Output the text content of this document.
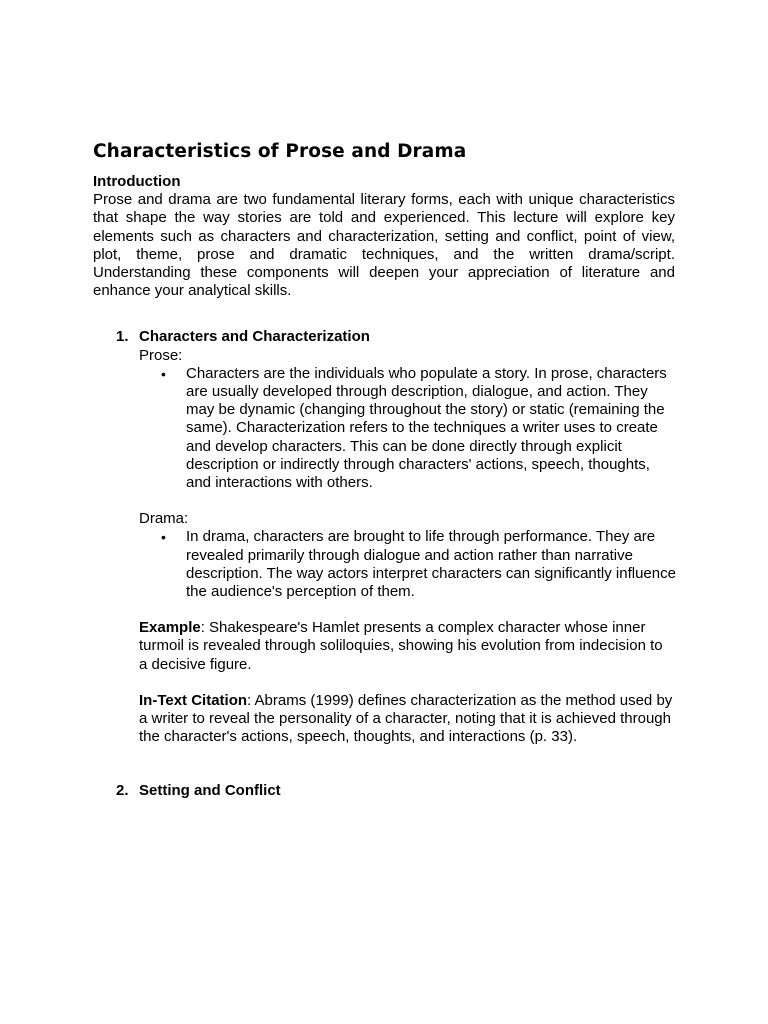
Characteristics of Prose and Drama
Introduction

Prose and drama are two fundamental literary forms, each with unique characteristics that shape the way stories are told and experienced. This lecture will explore key elements such as characters and characterization, setting and conflict, point of view, plot, theme, prose and dramatic techniques, and the written drama/script. Understanding these components will deepen your appreciation of literature and enhance your analytical skills.

1. Characters and Characterization
Prose:
• Characters are the individuals who populate a story. In prose, characters are usually developed through description, dialogue, and action. They may be dynamic (changing throughout the story) or static (remaining the same). Characterization refers to the techniques a writer uses to create and develop characters. This can be done directly through explicit description or indirectly through characters' actions, speech, thoughts, and interactions with others.
Drama:
• In drama, characters are brought to life through performance. They are revealed primarily through dialogue and action rather than narrative description. The way actors interpret characters can significantly influence the audience's perception of them.

Example: Shakespeare's Hamlet presents a complex character whose inner turmoil is revealed through soliloquies, showing his evolution from indecision to a decisive figure.

In-Text Citation: Abrams (1999) defines characterization as the method used by a writer to reveal the personality of a character, noting that it is achieved through the character's actions, speech, thoughts, and interactions (p. 33).

2. Setting and Conflict
